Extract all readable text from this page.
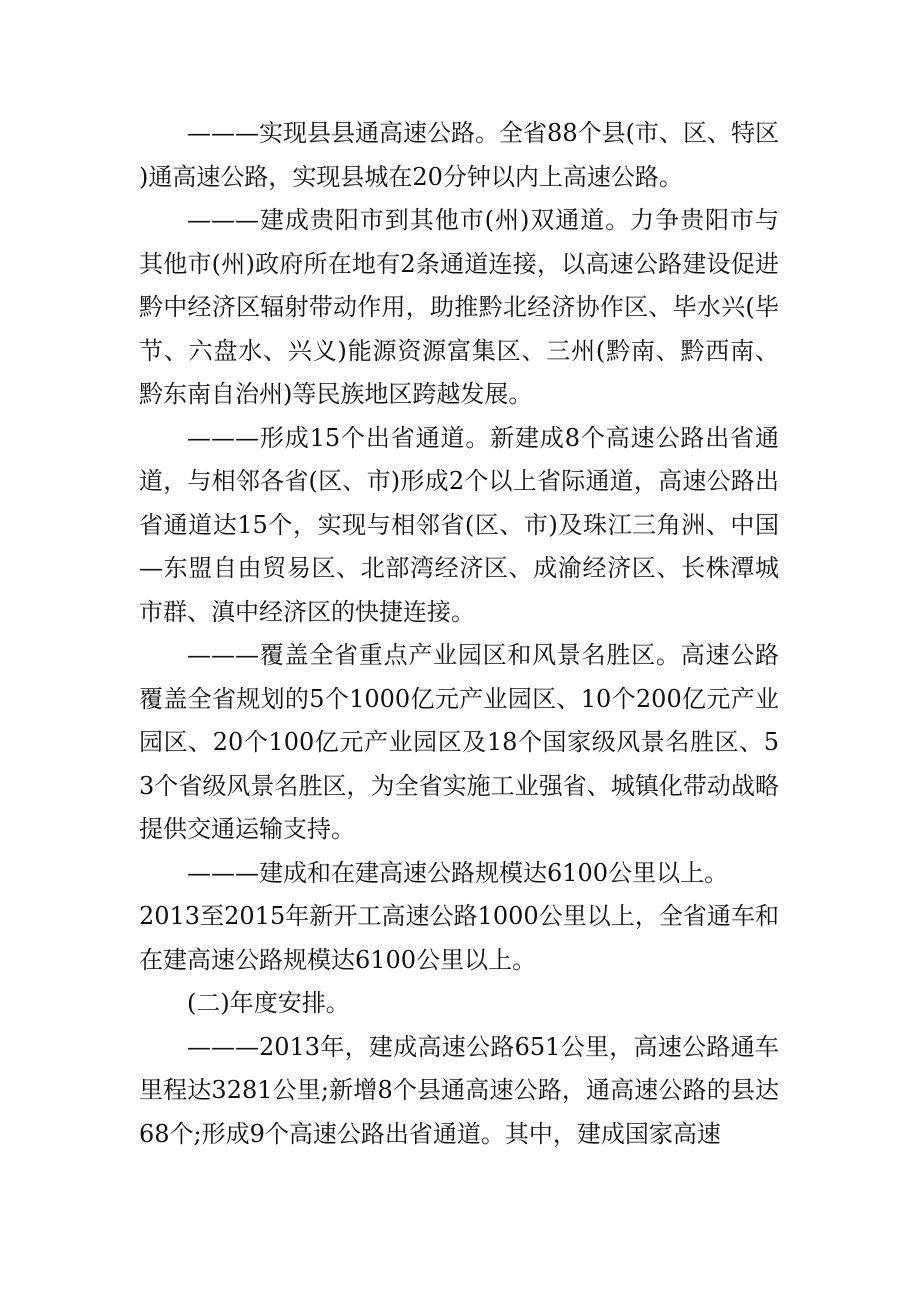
———实现县县通高速公路。全省88个县(市、区、特区)通高速公路，实现县城在20分钟以内上高速公路。

———建成贵阳市到其他市(州)双通道。力争贵阳市与其他市(州)政府所在地有2条通道连接，以高速公路建设促进黔中经济区辐射带动作用，助推黔北经济协作区、毕水兴(毕节、六盘水、兴义)能源资源富集区、三州(黔南、黔西南、黔东南自治州)等民族地区跨越发展。

———形成15个出省通道。新建成8个高速公路出省通道，与相邻各省(区、市)形成2个以上省际通道，高速公路出省通道达15个，实现与相邻省(区、市)及珠江三角洲、中国—东盟自由贸易区、北部湾经济区、成渝经济区、长株潭城市群、滇中经济区的快捷连接。

———覆盖全省重点产业园区和风景名胜区。高速公路覆盖全省规划的5个1000亿元产业园区、10个200亿元产业园区、20个100亿元产业园区及18个国家级风景名胜区、53个省级风景名胜区，为全省实施工业强省、城镇化带动战略提供交通运输支持。

———建成和在建高速公路规模达6100公里以上。

2013至2015年新开工高速公路1000公里以上，全省通车和在建高速公路规模达6100公里以上。

(二)年度安排。

———2013年，建成高速公路651公里，高速公路通车里程达3281公里;新增8个县通高速公路，通高速公路的县达68个;形成9个高速公路出省通道。其中，建成国家高速
